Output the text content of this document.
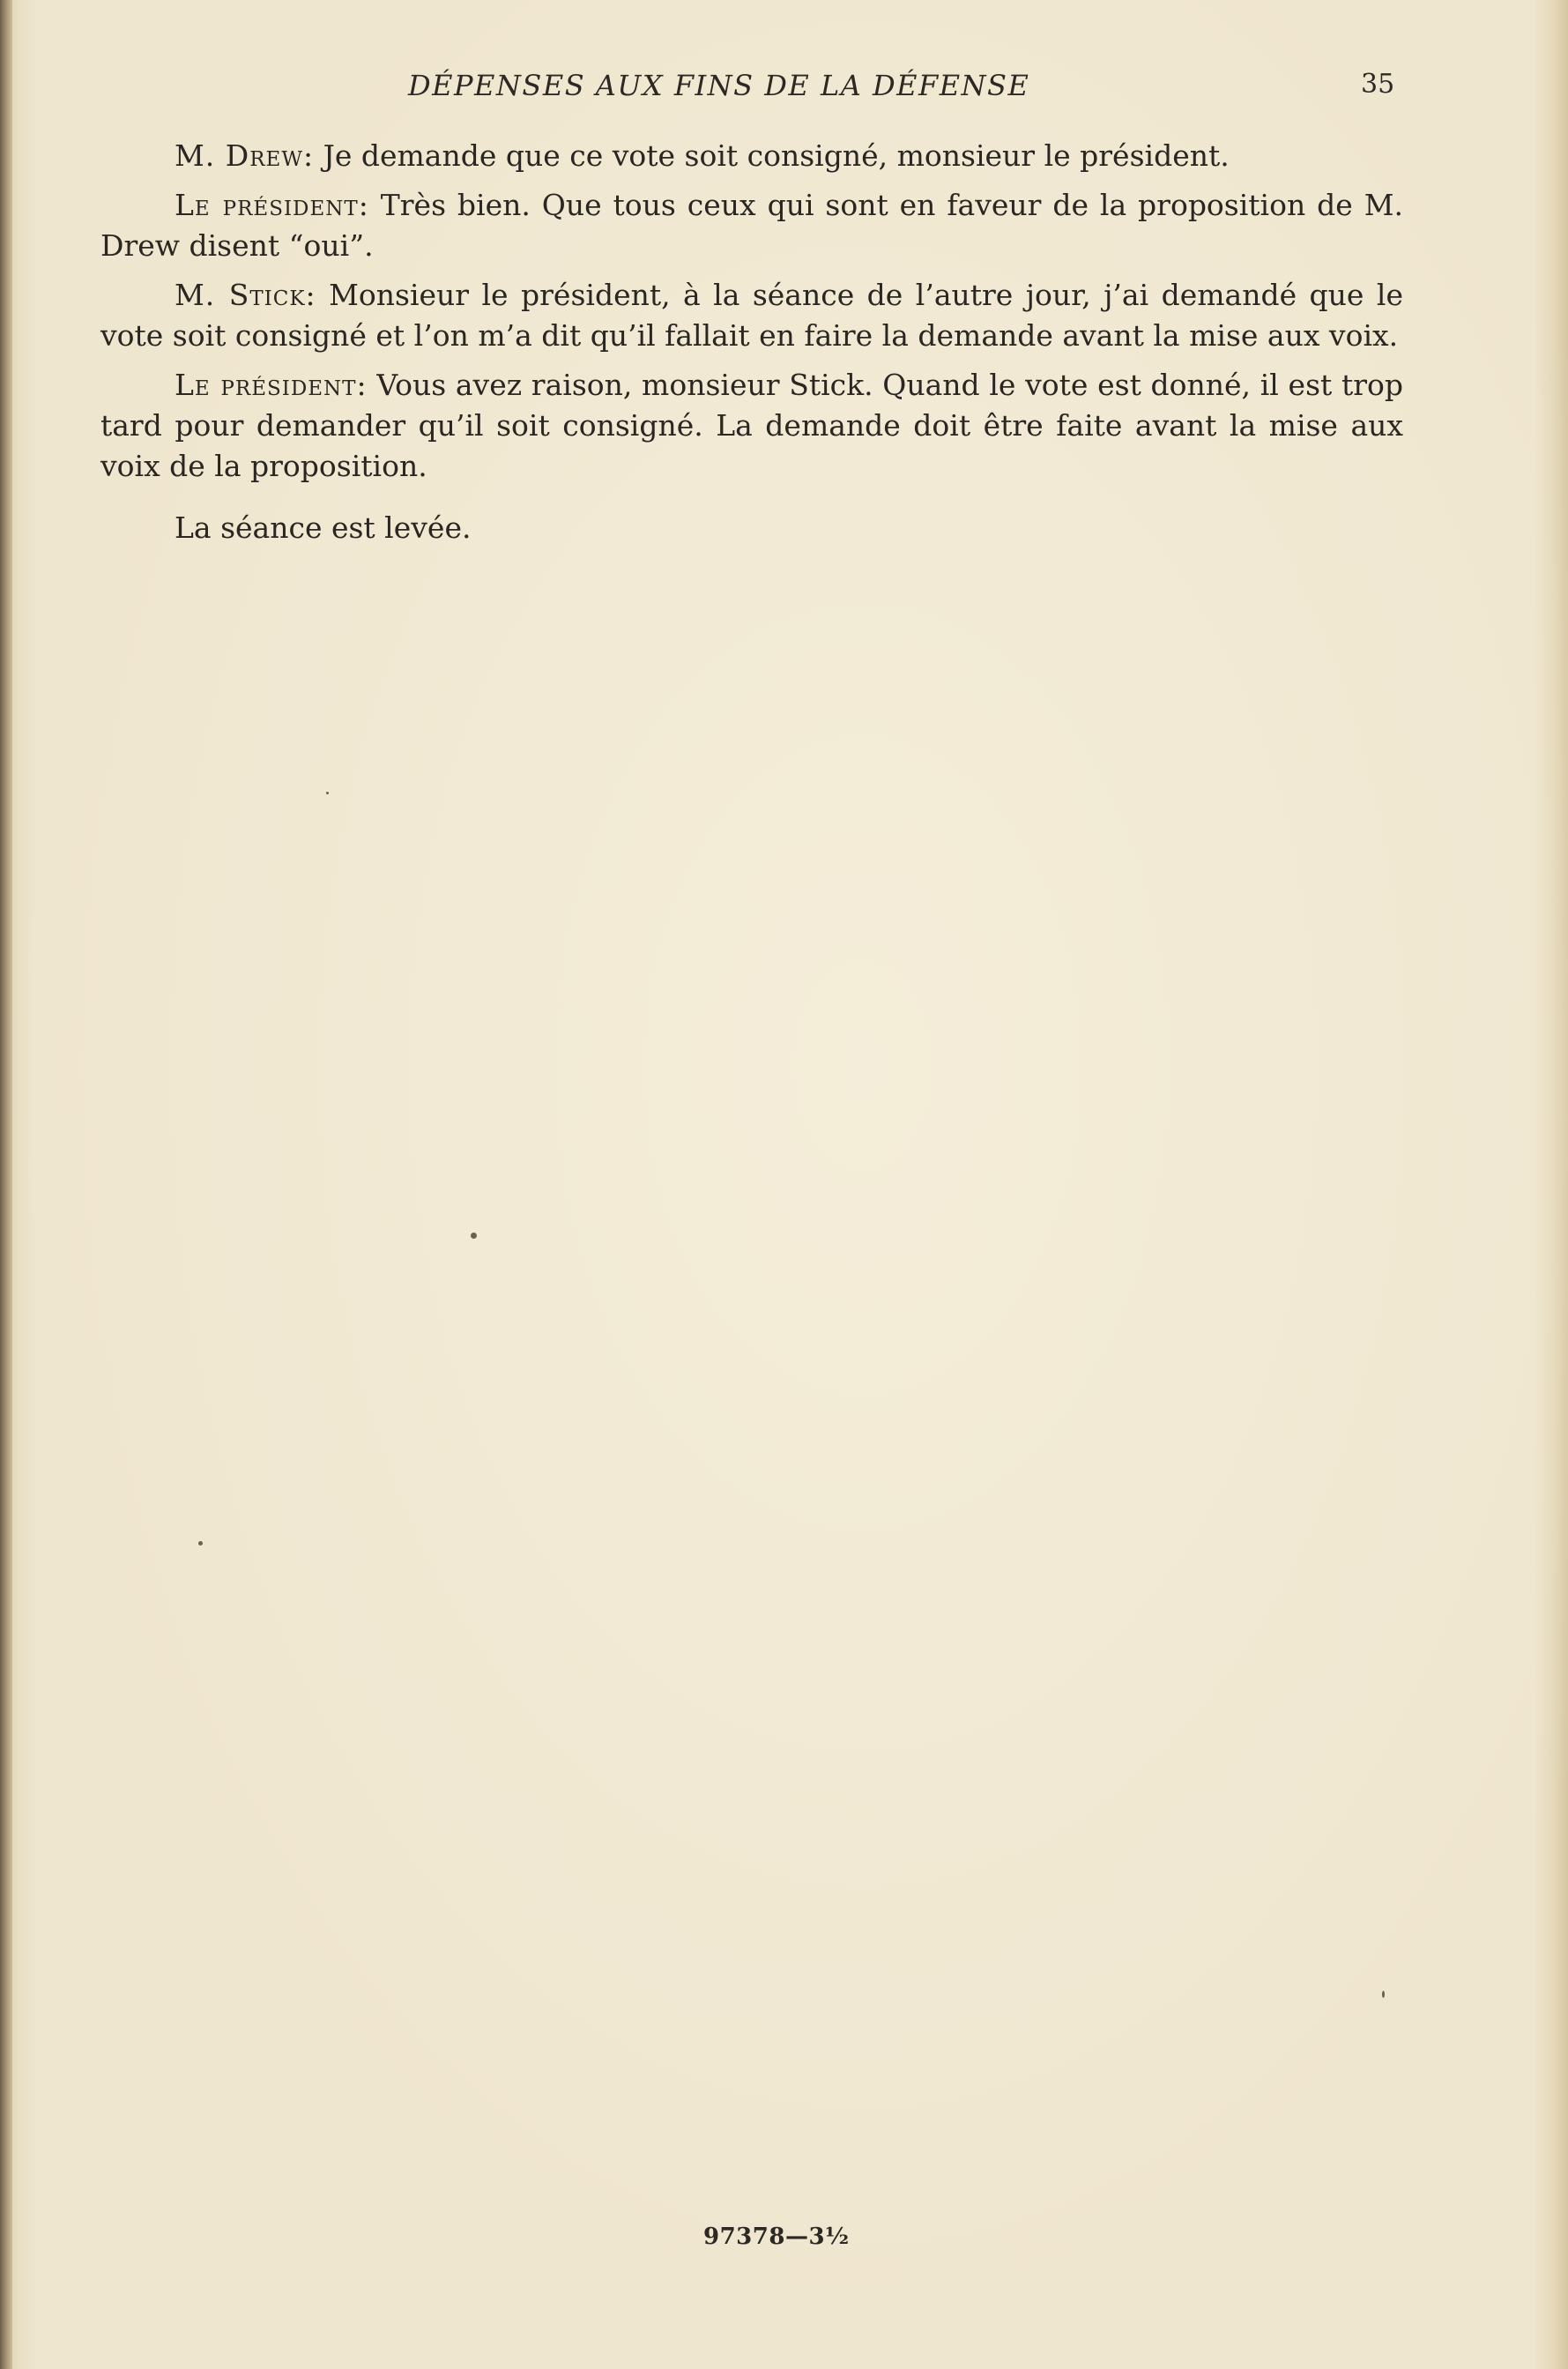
DÉPENSES AUX FINS DE LA DÉFENSE	35

M. Drew: Je demande que ce vote soit consigné, monsieur le président.

Le président: Très bien. Que tous ceux qui sont en faveur de la proposition de M. Drew disent “oui”.

M. Stick: Monsieur le président, à la séance de l’autre jour, j’ai demandé que le vote soit consigné et l’on m’a dit qu’il fallait en faire la demande avant la mise aux voix.

Le président: Vous avez raison, monsieur Stick. Quand le vote est donné, il est trop tard pour demander qu’il soit consigné. La demande doit être faite avant la mise aux voix de la proposition.

La séance est levée.

97378—3½
